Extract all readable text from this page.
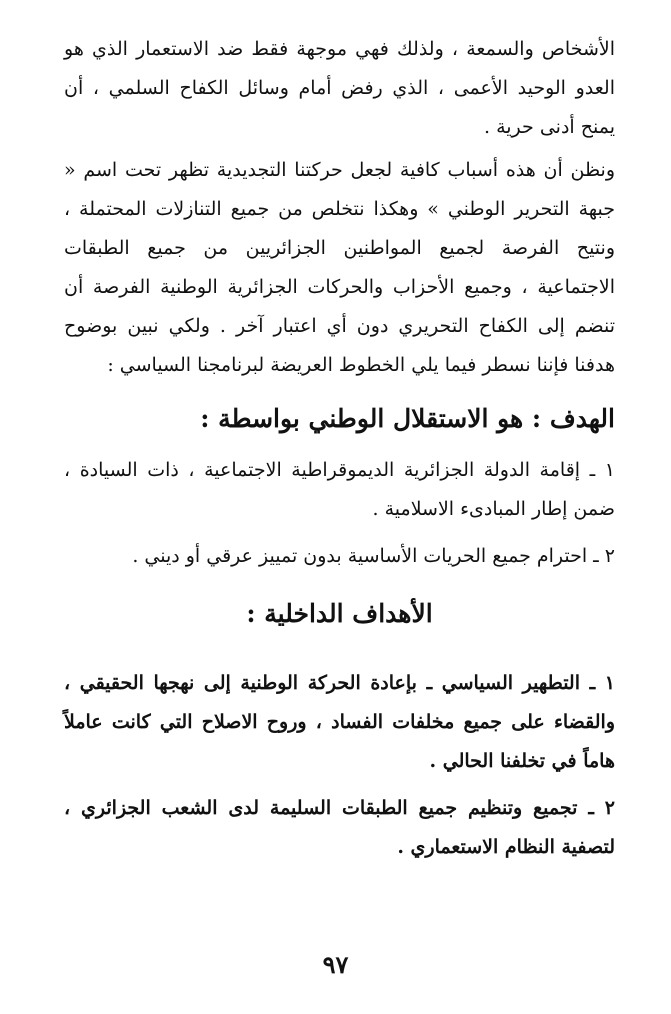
الأشخاص والسمعة ، ولذلك فهي موجهة فقط ضد الاستعمار الذي هو العدو الوحيد الأعمى ، الذي رفض أمام وسائل الكفاح السلمي ، أن يمنح أدنى حرية .

ونظن أن هذه أسباب كافية لجعل حركتنا التجديدية تظهر تحت اسم « جبهة التحرير الوطني » وهكذا نتخلص من جميع التنازلات المحتملة ، ونتيح الفرصة لجميع المواطنين الجزائريين من جميع الطبقات الاجتماعية ، وجميع الأحزاب والحركات الجزائرية الوطنية الفرصة أن تنضم إلى الكفاح التحريري دون أي اعتبار آخر . ولكي نبين بوضوح هدفنا فإننا نسطر فيما يلي الخطوط العريضة لبرنامجنا السياسي :

الهدف : هو الاستقلال الوطني بواسطة :

١ ـ إقامة الدولة الجزائرية الديموقراطية الاجتماعية ، ذات السيادة ، ضمن إطار المبادىء الاسلامية .

٢ ـ احترام جميع الحريات الأساسية بدون تمييز عرقي أو ديني .

الأهداف الداخلية :

١ ـ التطهير السياسي ـ بإعادة الحركة الوطنية إلى نهجها الحقيقي ، والقضاء على جميع مخلفات الفساد ، وروح الاصلاح التي كانت عاملاً هاماً في تخلفنا الحالي .

٢ ـ تجميع وتنظيم جميع الطبقات السليمة لدى الشعب الجزائري ، لتصفية النظام الاستعماري .

٩٧
